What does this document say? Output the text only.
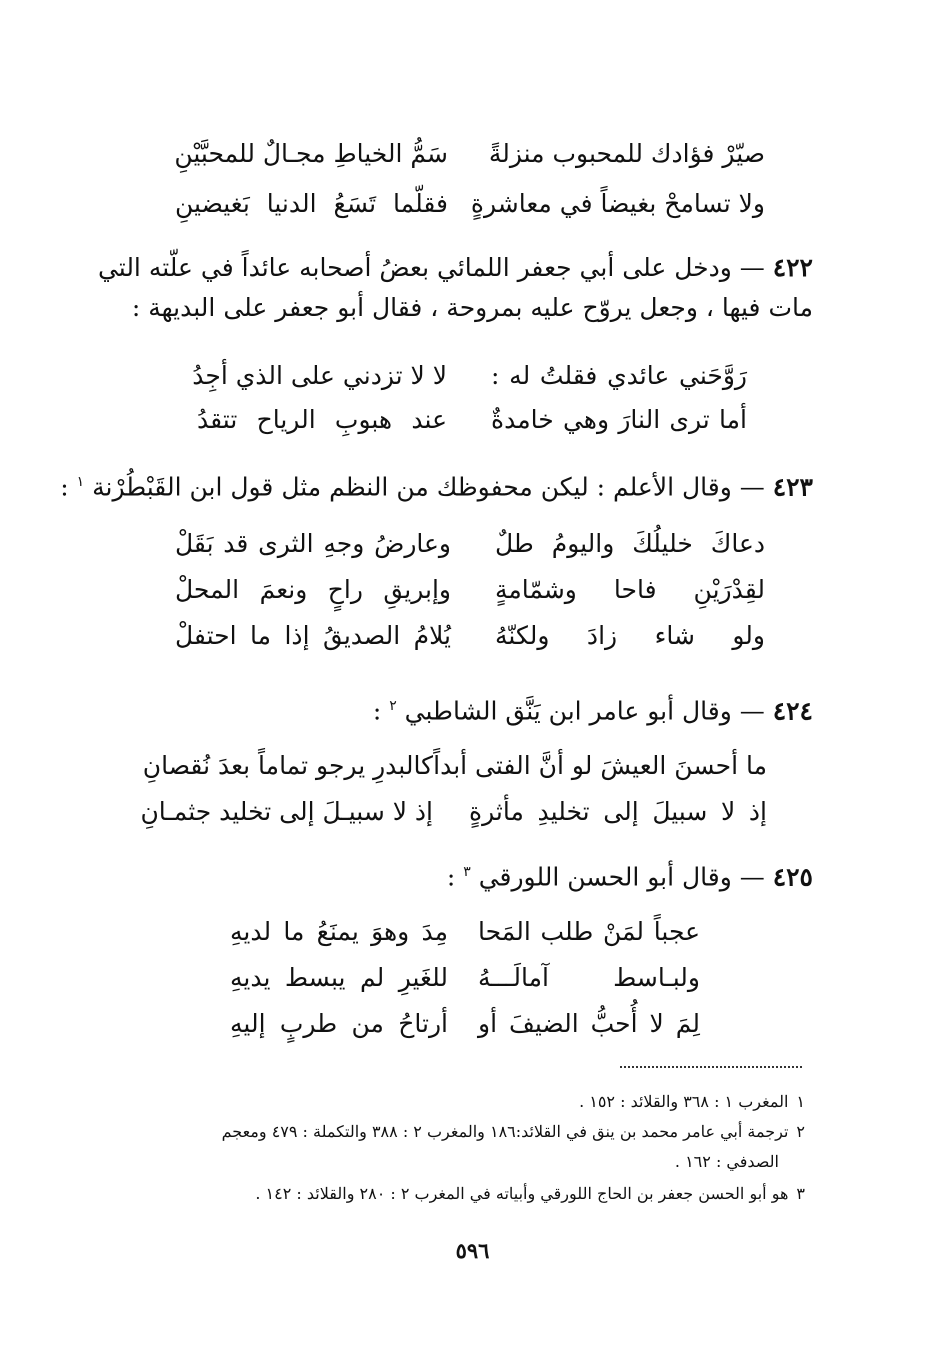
صيّرْ فؤادك للمحبوب منزلةً
سَمُّ الخياطِ مجـالٌ للمحبَّيْنِ
ولا تسامحْ بغيضاً في معاشرةٍ
فقلّما تَسَعُ الدنيا بَغيضينِ
٤٢٢ — ودخل على أبي جعفر اللمائي بعضُ أصحابه عائداً في علّته التي
مات فيها ، وجعل يروّح عليه بمروحة ، فقال أبو جعفر على البديهة :
رَوَّحَني عائدي فقلتُ له :
لا لا تزدني على الذي أجِدُ
أما ترى النارَ وهي خامدةٌ
عند هبوبِ الرياح تتقدُ
٤٢٣ — وقال الأعلم : ليكن محفوظك من النظم مثل قول ابن القَبْطُرْنة $^١$ :
دعاكَ خليلُكَ واليومُ طلٌ
وعارضُ وجهِ الثرى قد بَقَلْ
لقِدْرَيْنِ فاحا وشمّامةٍ
وإبريقِ راحٍ ونعمَ المحلْ
ولو شاء زادَ ولكنّهُ
يُلامُ الصديقُ إذا ما احتفلْ
٤٢٤ — وقال أبو عامر ابن يَنَّق الشاطبي $^٢$ :
ما أحسنَ العيشَ لو أنَّ الفتى أبداً
كالبدرِ يرجو تماماً بعدَ نُقصانِ
إذ لا سبيلَ إلى تخليدِ مأثرةٍ
إذ لا سبيـلَ إلى تخليد جثمـانِ
٤٢٥ — وقال أبو الحسن اللورقي $^٣$ :
عجباً لمَنْ طلب المَحا
مِدَ وهوَ يمنَعُ ما لديهِ
ولبـاسط آمالَـــهُ
للغَيرِ لم يبسط يديهِ
لِمَ لا أُحبُّ الضيفَ أو
أرتاحُ من طربٍ إليهِ
١المغرب ١ : ٣٦٨ والقلائد : ١٥٢ .
٢ترجمة أبي عامر محمد بن ينق في القلائد:١٨٦ والمغرب ٢ : ٣٨٨ والتكملة : ٤٧٩ ومعجم
الصدفي : ١٦٢ .
٣هو أبو الحسن جعفر بن الحاج اللورقي وأبياته في المغرب ٢ : ٢٨٠ والقلائد : ١٤٢ .
٥٩٦
